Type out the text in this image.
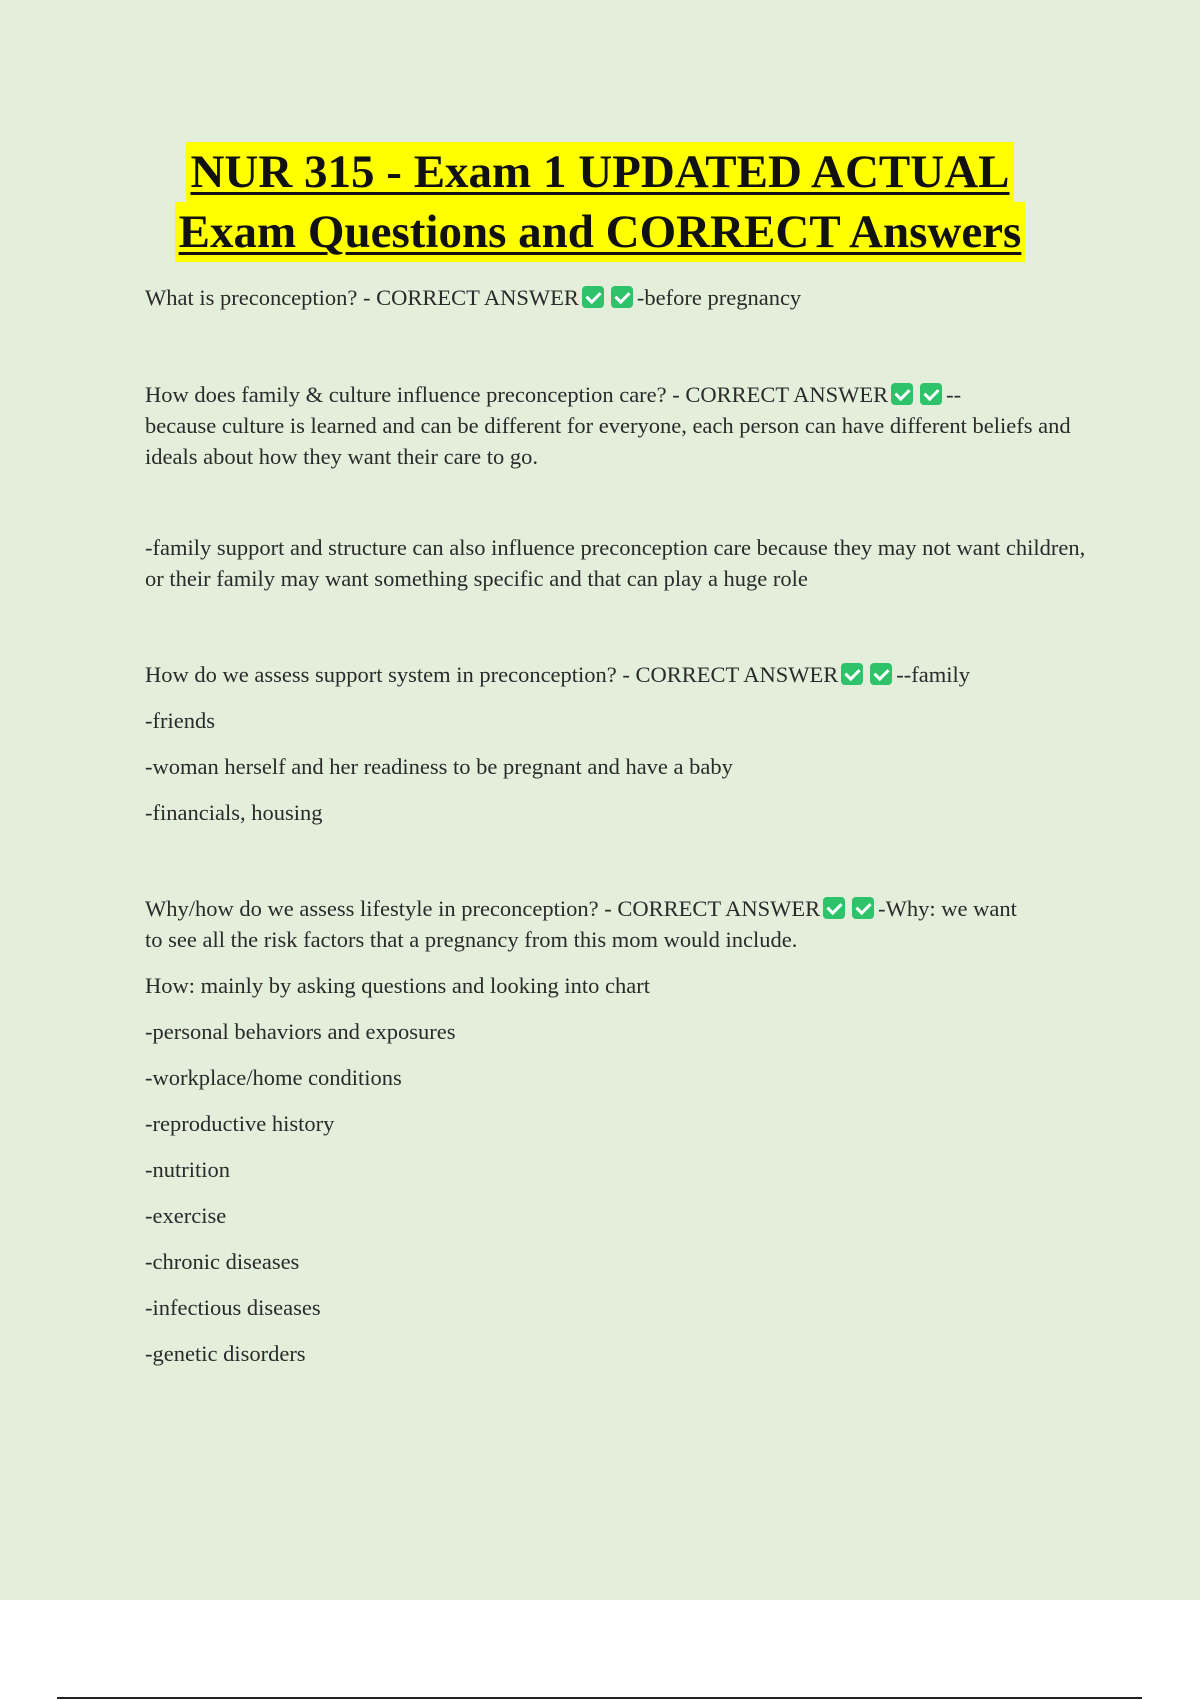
NUR 315 - Exam 1 UPDATED ACTUAL
Exam Questions and CORRECT Answers

What is preconception? - CORRECT ANSWER	-before pregnancy

How does family & culture influence preconception care? - CORRECT ANSWER	--
because culture is learned and can be different for everyone, each person can have different beliefs and ideals about how they want their care to go.

-family support and structure can also influence preconception care because they may not want children, or their family may want something specific and that can play a huge role

How do we assess support system in preconception? - CORRECT ANSWER	--family

-friends

-woman herself and her readiness to be pregnant and have a baby

-financials, housing

Why/how do we assess lifestyle in preconception? - CORRECT ANSWER	-Why: we want
to see all the risk factors that a pregnancy from this mom would include.

How: mainly by asking questions and looking into chart

-personal behaviors and exposures

-workplace/home conditions

-reproductive history

-nutrition

-exercise

-chronic diseases

-infectious diseases

-genetic disorders
